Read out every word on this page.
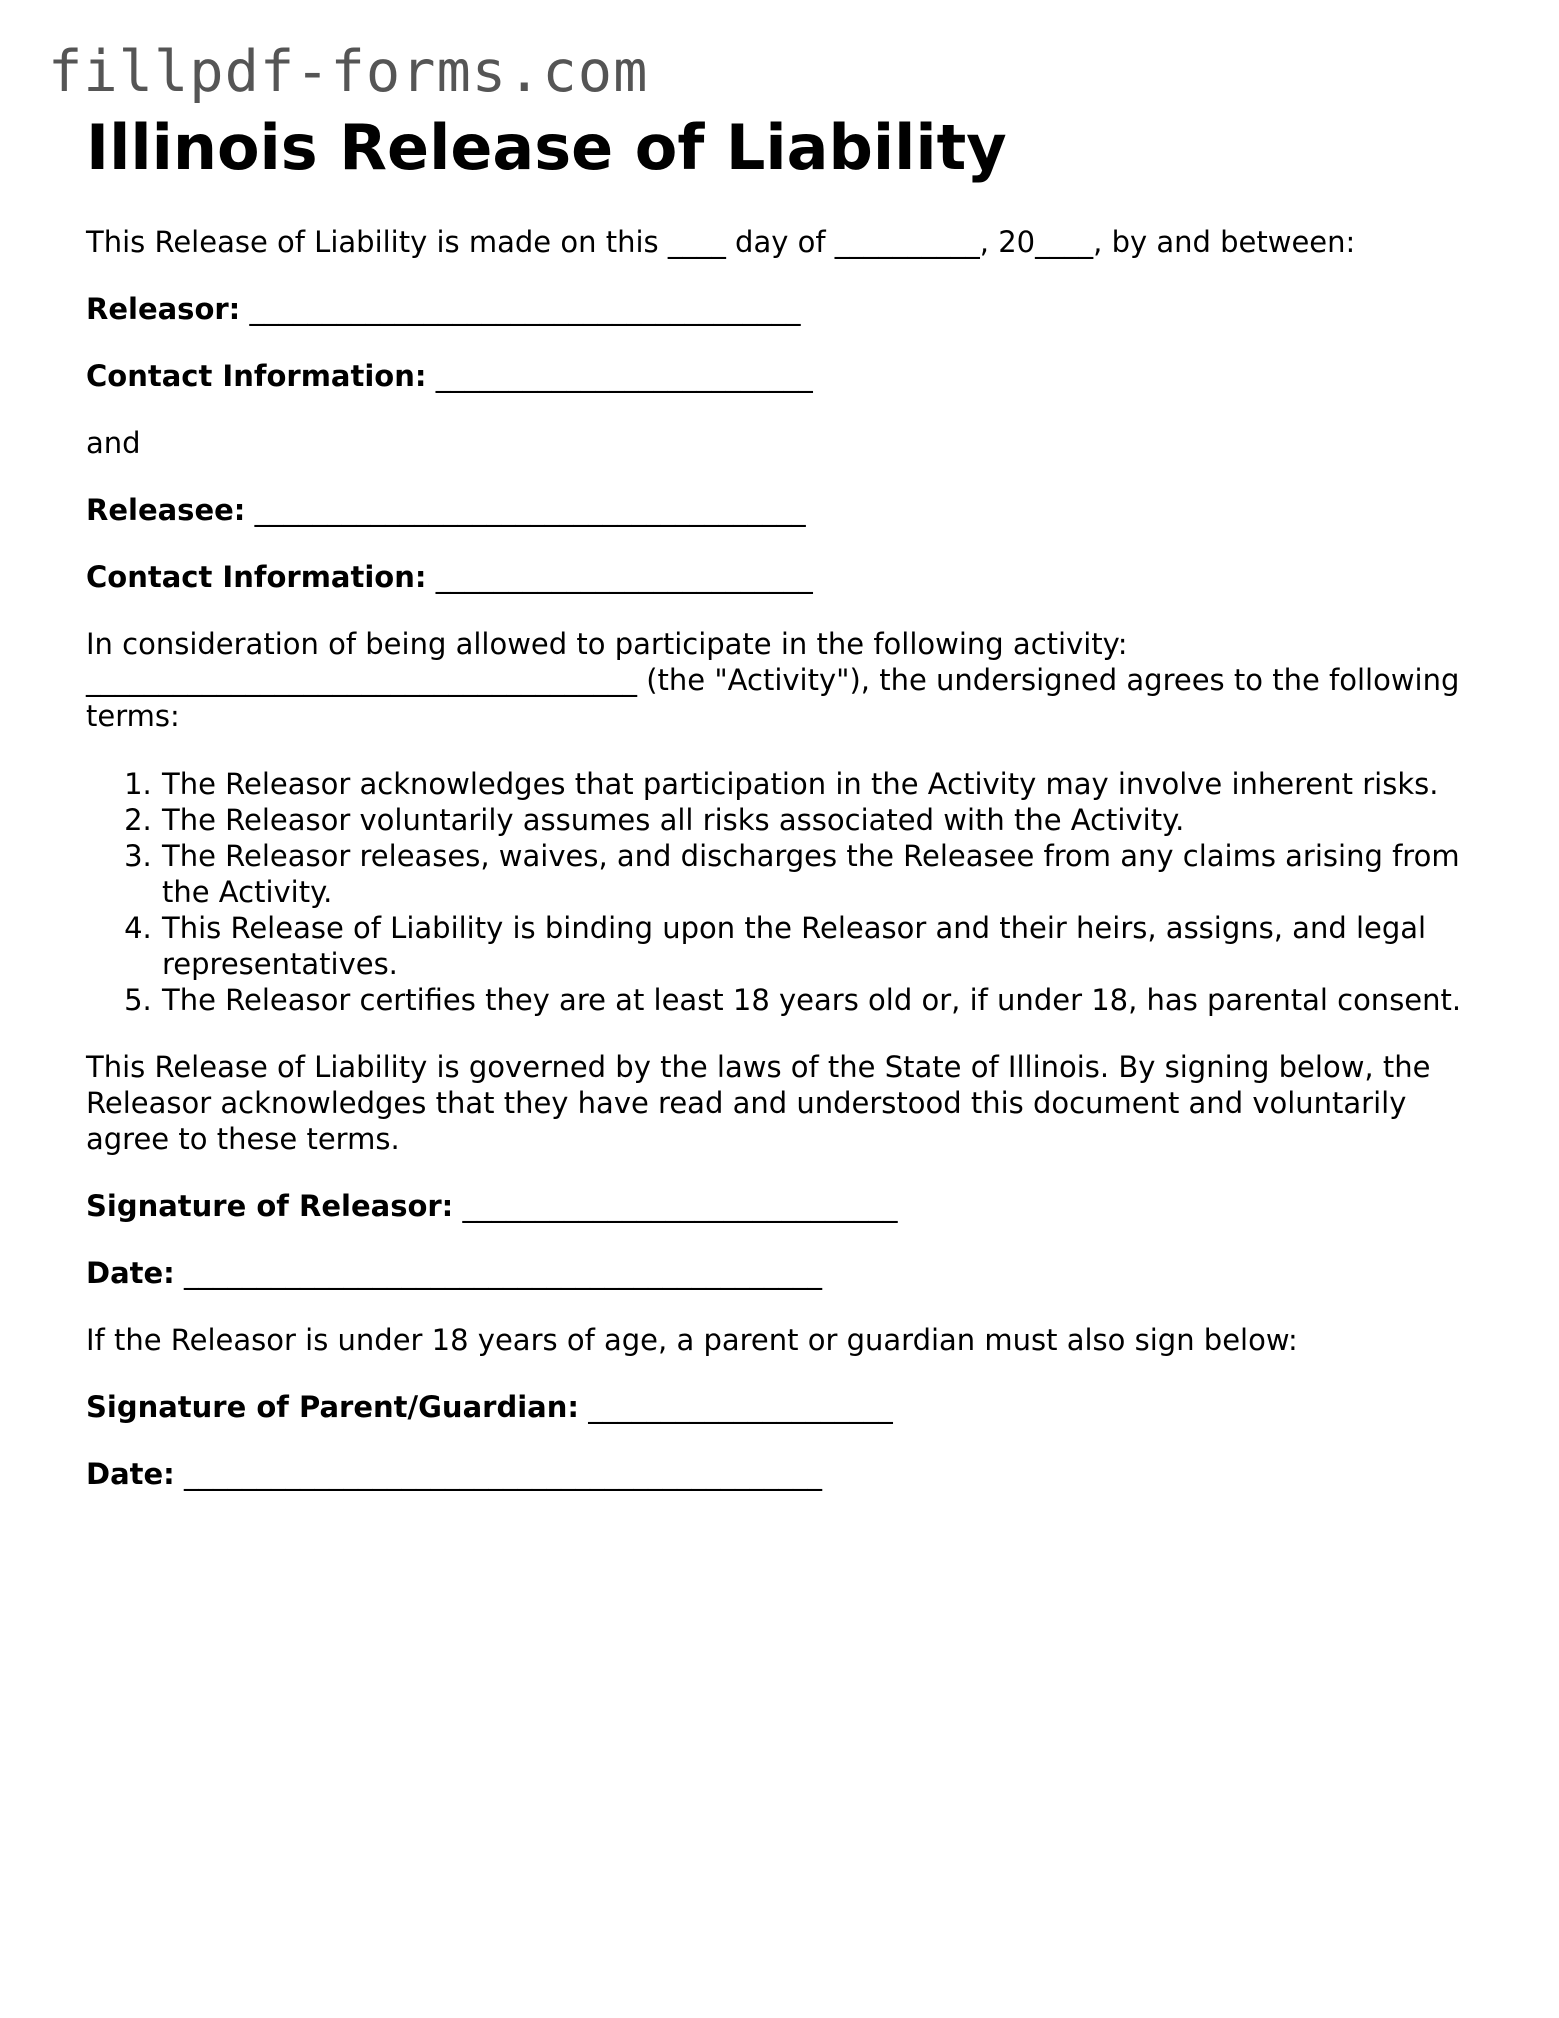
fillpdf-forms.com
Illinois Release of Liability

This Release of Liability is made on this ____ day of __________, 20____, by and between:

Releasor: ______________________________________

Contact Information: __________________________

and

Releasee: ______________________________________

Contact Information: __________________________

In consideration of being allowed to participate in the following activity: ______________________________________ (the "Activity"), the undersigned agrees to the following terms:

1. The Releasor acknowledges that participation in the Activity may involve inherent risks.
2. The Releasor voluntarily assumes all risks associated with the Activity.
3. The Releasor releases, waives, and discharges the Releasee from any claims arising from the Activity.
4. This Release of Liability is binding upon the Releasor and their heirs, assigns, and legal representatives.
5. The Releasor certifies they are at least 18 years old or, if under 18, has parental consent.

This Release of Liability is governed by the laws of the State of Illinois. By signing below, the Releasor acknowledges that they have read and understood this document and voluntarily agree to these terms.

Signature of Releasor: ______________________________

Date: ____________________________________________

If the Releasor is under 18 years of age, a parent or guardian must also sign below:

Signature of Parent/Guardian: _____________________

Date: ____________________________________________
